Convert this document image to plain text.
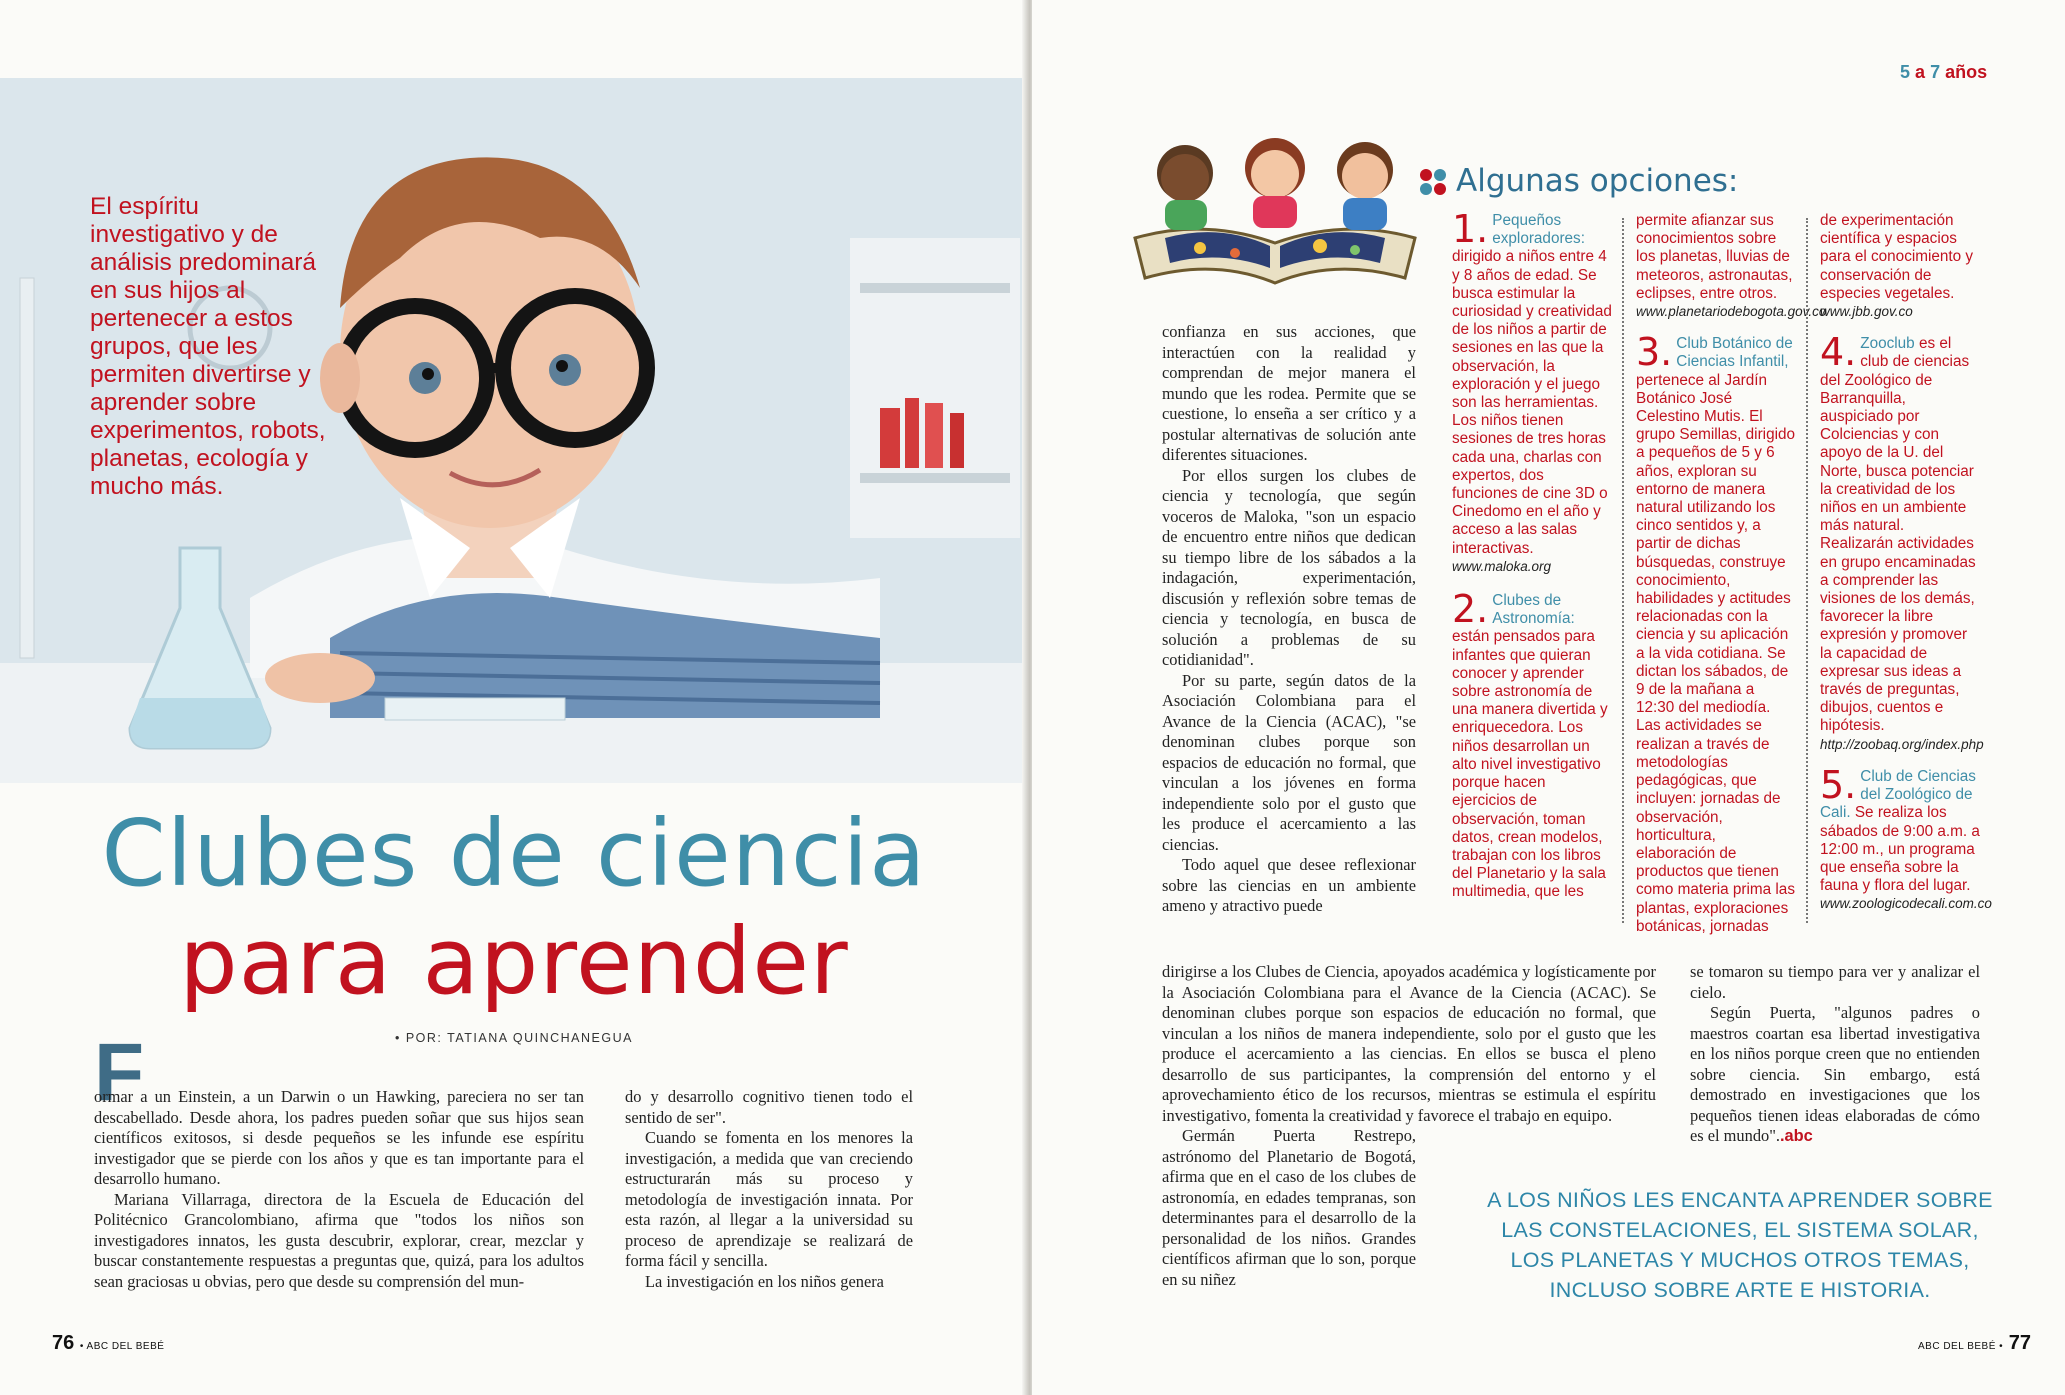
El espíritu investigativo y de análisis predominará en sus hijos al pertenecer a estos grupos, que les permiten divertirse y aprender sobre experimentos, robots, planetas, ecología y mucho más.
Clubes de ciencia
para aprender
• POR: TATIANA QUINCHANEGUA
F

ormar a un Einstein, a un Darwin o un Hawking, pareciera no ser tan descabellado. Desde ahora, los padres pueden soñar que sus hijos sean científicos exitosos, si desde pequeños se les infunde ese espíritu investigador que se pierde con los años y que es tan importante para el desarrollo humano.

Mariana Villarraga, directora de la Escuela de Educación del Politécnico Grancolombiano, afirma que "todos los niños son investigadores innatos, les gusta descubrir, explorar, crear, mezclar y buscar constantemente respuestas a preguntas que, quizá, para los adultos sean graciosas u obvias, pero que desde su comprensión del mun-

do y desarrollo cognitivo tienen todo el sentido de ser".

Cuando se fomenta en los menores la investigación, a medida que van creciendo estructurarán más su proceso y metodología de investigación innata. Por esta razón, al llegar a la universidad su proceso de aprendizaje se realizará de forma fácil y sencilla.

La investigación en los niños genera

76 • ABC DEL BEBÉ
5 a 7 años
Algunas opciones:

confianza en sus acciones, que interactúen con la realidad y comprendan de mejor manera el mundo que les rodea. Permite que se cuestione, lo enseña a ser crítico y a postular alternativas de solución ante diferentes situaciones.

Por ellos surgen los clubes de ciencia y tecnología, que según voceros de Maloka, "son un espacio de encuentro entre niños que dedican su tiempo libre de los sábados a la indagación, experimentación, discusión y reflexión sobre temas de ciencia y tecnología, en busca de solución a problemas de su cotidianidad".

Por su parte, según datos de la Asociación Colombiana para el Avance de la Ciencia (ACAC), "se denominan clubes porque son espacios de educación no formal, que vinculan a los jóvenes en forma independiente solo por el gusto que les produce el acercamiento a las ciencias.

Todo aquel que desee reflexionar sobre las ciencias en un ambiente ameno y atractivo puede

1. Pequeños exploradores: dirigido a niños entre 4 y 8 años de edad. Se busca estimular la curiosidad y creatividad de los niños a partir de sesiones en las que la observación, la exploración y el juego son las herramientas. Los niños tienen sesiones de tres horas cada una, charlas con expertos, dos funciones de cine 3D o Cinedomo en el año y acceso a las salas interactivas.

www.maloka.org

2. Clubes de Astronomía: están pensados para infantes que quieran conocer y aprender sobre astronomía de una manera divertida y enriquecedora. Los niños desarrollan un alto nivel investigativo porque hacen ejercicios de observación, toman datos, crean modelos, trabajan con los libros del Planetario y la sala multimedia, que les
permite afianzar sus conocimientos sobre los planetas, lluvias de meteoros, astronautas, eclipses, entre otros.

www.planetariodebogota.gov.co

3. Club Botánico de Ciencias Infantil, pertenece al Jardín Botánico José Celestino Mutis. El grupo Semillas, dirigido a pequeños de 5 y 6 años, exploran su entorno de manera natural utilizando los cinco sentidos y, a partir de dichas búsquedas, construye conocimiento, habilidades y actitudes relacionadas con la ciencia y su aplicación a la vida cotidiana. Se dictan los sábados, de 9 de la mañana a 12:30 del mediodía. Las actividades se realizan a través de metodologías pedagógicas, que incluyen: jornadas de observación, horticultura, elaboración de productos que tienen como materia prima las plantas, exploraciones botánicas, jornadas
de experimentación científica y espacios para el conocimiento y conservación de especies vegetales.

www.jbb.gov.co

4. Zooclub es el club de ciencias del Zoológico de Barranquilla, auspiciado por Colciencias y con apoyo de la U. del Norte, busca potenciar la creatividad de los niños en un ambiente más natural. Realizarán actividades en grupo encaminadas a comprender las visiones de los demás, favorecer la libre expresión y promover la capacidad de expresar sus ideas a través de preguntas, dibujos, cuentos e hipótesis.

http://zoobaq.org/index.php

5. Club de Ciencias del Zoológico de Cali. Se realiza los sábados de 9:00 a.m. a 12:00 m., un programa que enseña sobre la fauna y flora del lugar.

www.zoologicodecali.com.co

dirigirse a los Clubes de Ciencia, apoyados académica y logísticamente por la Asociación Colombiana para el Avance de la Ciencia (ACAC). Se denominan clubes porque son espacios de educación no formal, que vinculan a los niños de manera independiente, solo por el gusto que les produce el acercamiento a las ciencias. En ellos se busca el pleno desarrollo de sus participantes, la comprensión del entorno y el aprovechamiento ético de los recursos, mientras se estimula el espíritu investigativo, fomenta la creatividad y favorece el trabajo en equipo.

Germán Puerta Restrepo, astrónomo del Planetario de Bogotá, afirma que en el caso de los clubes de astronomía, en edades tempranas, son determinantes para el desarrollo de la personalidad de los niños. Grandes científicos afirman que lo son, porque en su niñez

se tomaron su tiempo para ver y analizar el cielo.

Según Puerta, "algunos padres o maestros coartan esa libertad investigativa en los niños porque creen que no entienden sobre ciencia. Sin embargo, está demostrado en investigaciones que los pequeños tienen ideas elaboradas de cómo es el mundo"..abc

A LOS NIÑOS LES ENCANTA APRENDER SOBRE LAS CONSTELACIONES, EL SISTEMA SOLAR, LOS PLANETAS Y MUCHOS OTROS TEMAS, INCLUSO SOBRE ARTE E HISTORIA.
ABC DEL BEBÉ • 77
